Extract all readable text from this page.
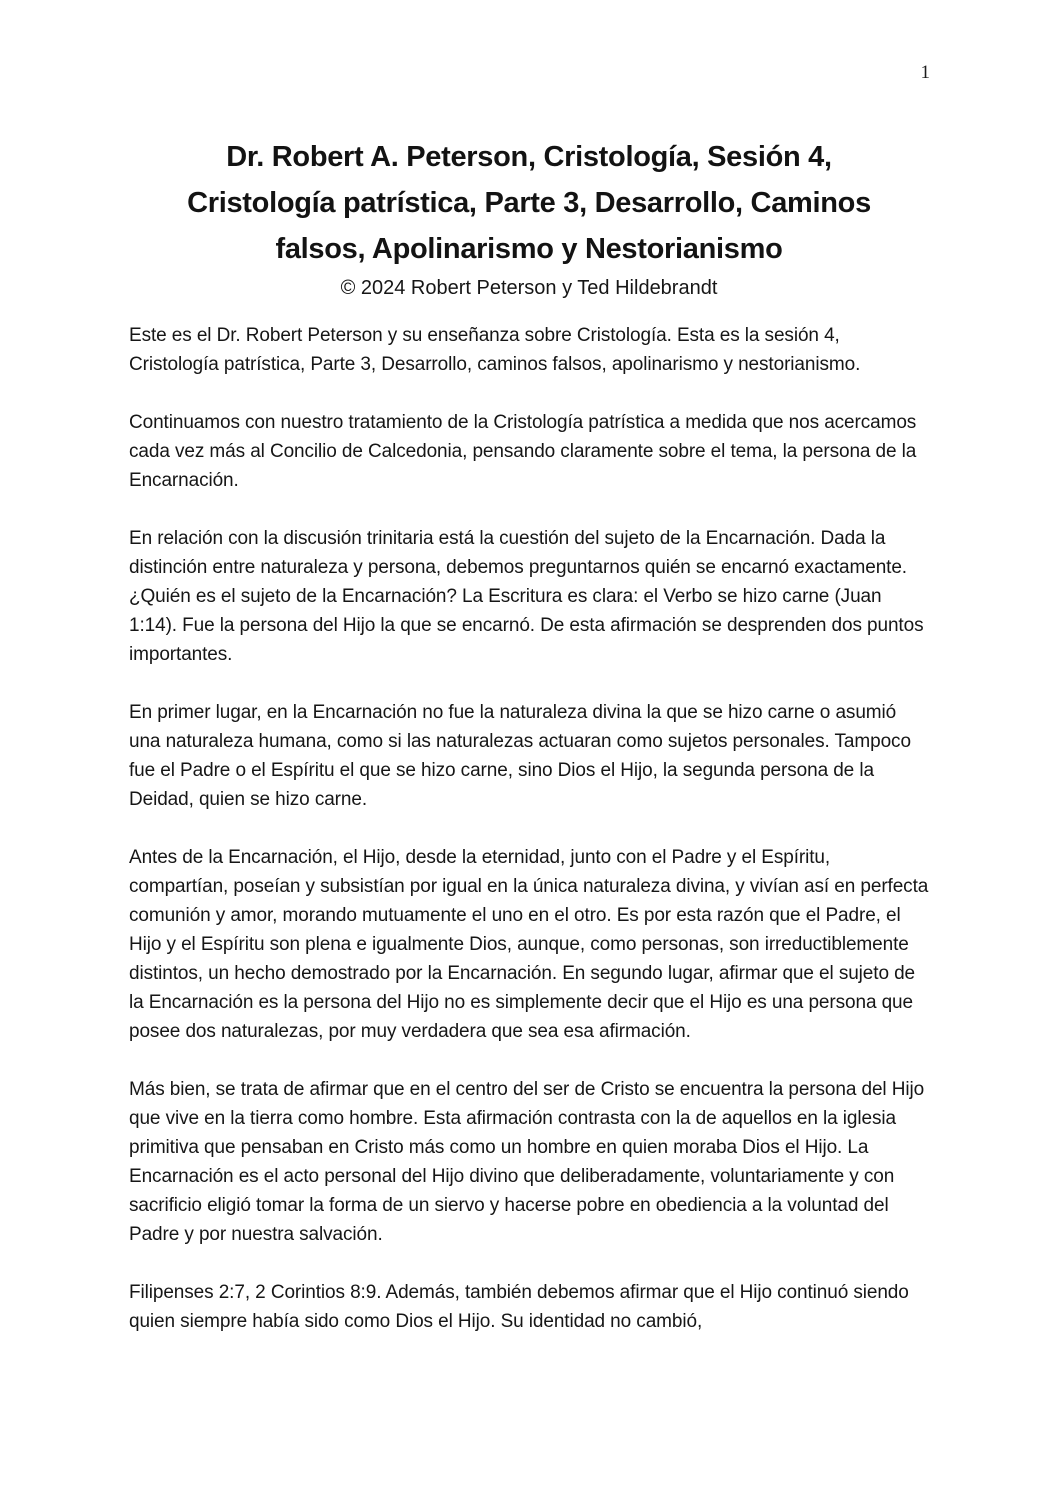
1
Dr. Robert A. Peterson, Cristología, Sesión 4,
Cristología patrística, Parte 3, Desarrollo, Caminos
falsos, Apolinarismo y Nestorianismo
© 2024 Robert Peterson y Ted Hildebrandt

Este es el Dr. Robert Peterson y su enseñanza sobre Cristología. Esta es la sesión 4, Cristología patrística, Parte 3, Desarrollo, caminos falsos, apolinarismo y nestorianismo.

Continuamos con nuestro tratamiento de la Cristología patrística a medida que nos acercamos cada vez más al Concilio de Calcedonia, pensando claramente sobre el tema, la persona de la Encarnación.

En relación con la discusión trinitaria está la cuestión del sujeto de la Encarnación. Dada la distinción entre naturaleza y persona, debemos preguntarnos quién se encarnó exactamente. ¿Quién es el sujeto de la Encarnación? La Escritura es clara: el Verbo se hizo carne (Juan 1:14). Fue la persona del Hijo la que se encarnó. De esta afirmación se desprenden dos puntos importantes.

En primer lugar, en la Encarnación no fue la naturaleza divina la que se hizo carne o asumió una naturaleza humana, como si las naturalezas actuaran como sujetos personales. Tampoco fue el Padre o el Espíritu el que se hizo carne, sino Dios el Hijo, la segunda persona de la Deidad, quien se hizo carne.

Antes de la Encarnación, el Hijo, desde la eternidad, junto con el Padre y el Espíritu, compartían, poseían y subsistían por igual en la única naturaleza divina, y vivían así en perfecta comunión y amor, morando mutuamente el uno en el otro. Es por esta razón que el Padre, el Hijo y el Espíritu son plena e igualmente Dios, aunque, como personas, son irreductiblemente distintos, un hecho demostrado por la Encarnación. En segundo lugar, afirmar que el sujeto de la Encarnación es la persona del Hijo no es simplemente decir que el Hijo es una persona que posee dos naturalezas, por muy verdadera que sea esa afirmación.

Más bien, se trata de afirmar que en el centro del ser de Cristo se encuentra la persona del Hijo que vive en la tierra como hombre. Esta afirmación contrasta con la de aquellos en la iglesia primitiva que pensaban en Cristo más como un hombre en quien moraba Dios el Hijo. La Encarnación es el acto personal del Hijo divino que deliberadamente, voluntariamente y con sacrificio eligió tomar la forma de un siervo y hacerse pobre en obediencia a la voluntad del Padre y por nuestra salvación.

Filipenses 2:7, 2 Corintios 8:9. Además, también debemos afirmar que el Hijo continuó siendo quien siempre había sido como Dios el Hijo. Su identidad no cambió,
